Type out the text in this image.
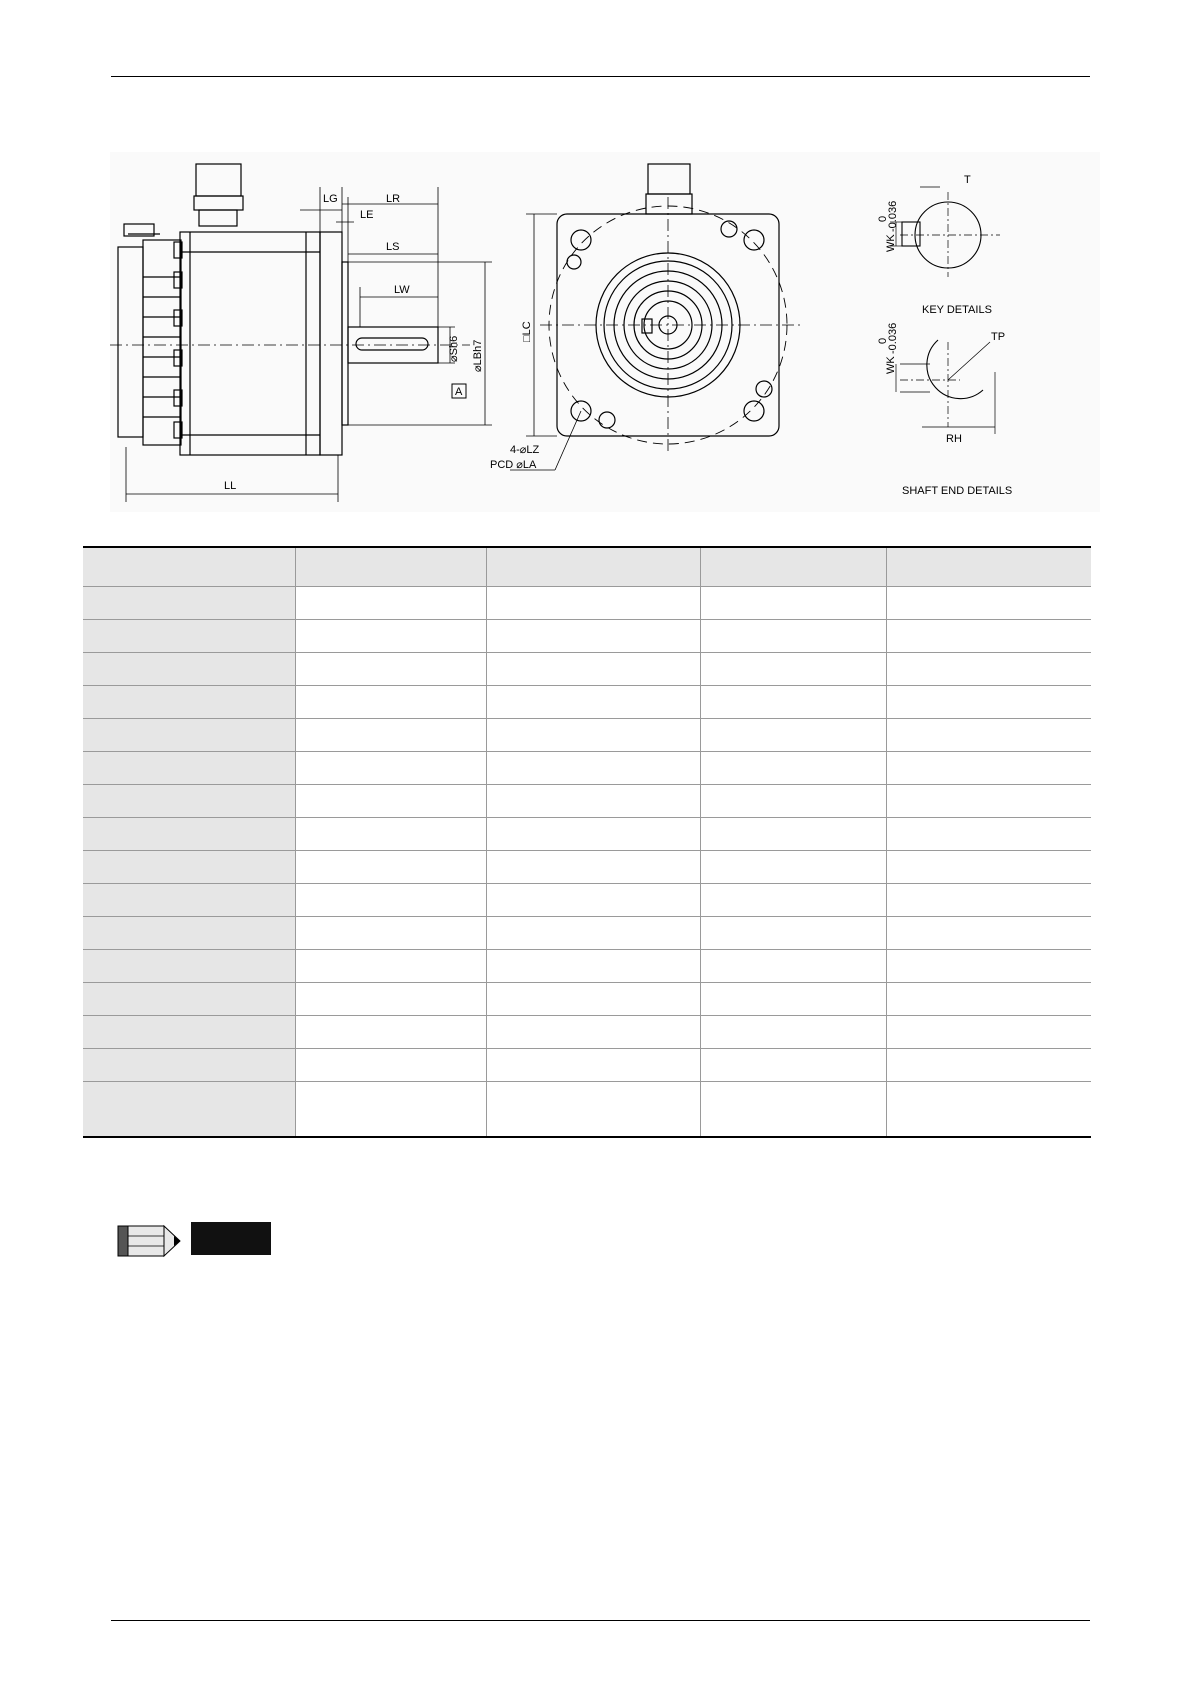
LG	LR
LE
LS
LW
⌀Sh6 ⌀LBh7
A
LL
□LC
4-⌀LZ
PCD ⌀LA
WK
0
-0.036
T
KEY DETAILS
WK
0
-0.036	TP
RH
SHAFT END DETAILS
